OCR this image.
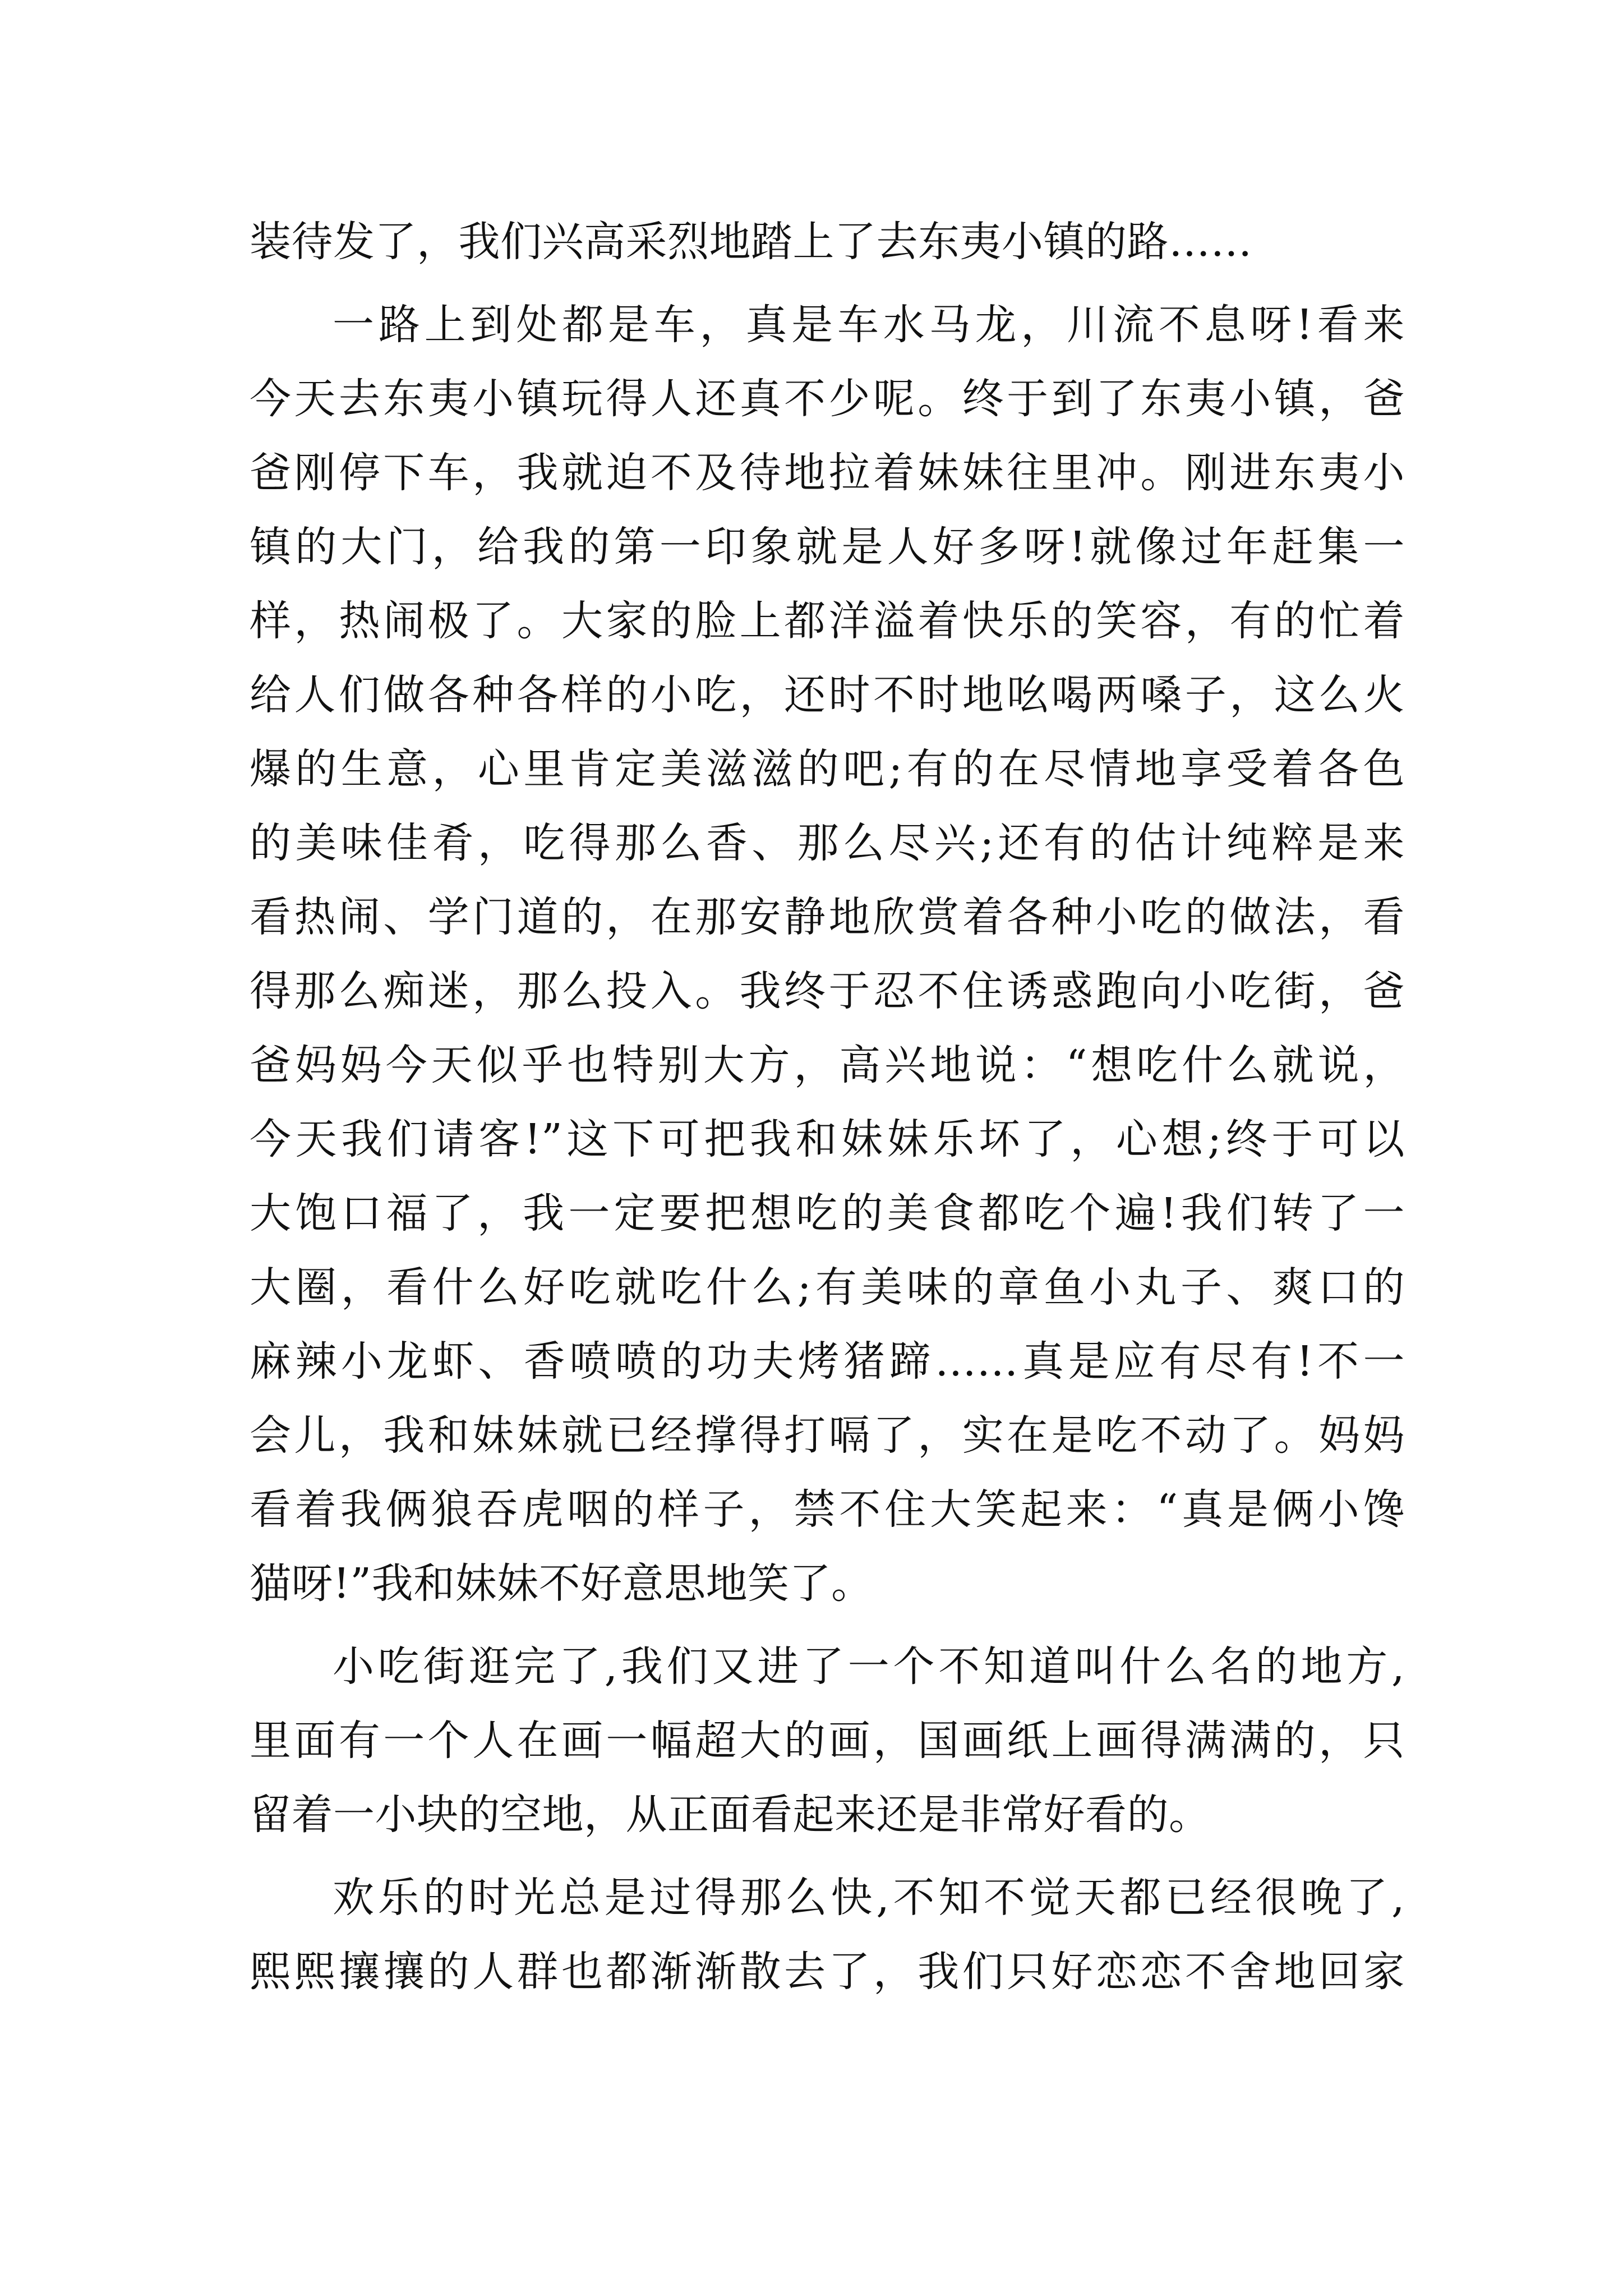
装待发了，我们兴高采烈地踏上了去东夷小镇的路……
一路上到处都是车，真是车水马龙，川流不息呀!看来
今天去东夷小镇玩得人还真不少呢。终于到了东夷小镇，爸
爸刚停下车，我就迫不及待地拉着妹妹往里冲。刚进东夷小
镇的大门，给我的第一印象就是人好多呀!就像过年赶集一
样，热闹极了。大家的脸上都洋溢着快乐的笑容，有的忙着
给人们做各种各样的小吃，还时不时地吆喝两嗓子，这么火
爆的生意，心里肯定美滋滋的吧;有的在尽情地享受着各色
的美味佳肴，吃得那么香、那么尽兴;还有的估计纯粹是来
看热闹、学门道的，在那安静地欣赏着各种小吃的做法，看
得那么痴迷，那么投入。我终于忍不住诱惑跑向小吃街，爸
爸妈妈今天似乎也特别大方，高兴地说：“想吃什么就说，
今天我们请客!”这下可把我和妹妹乐坏了，心想;终于可以
大饱口福了，我一定要把想吃的美食都吃个遍!我们转了一
大圈，看什么好吃就吃什么;有美味的章鱼小丸子、爽口的
麻辣小龙虾、香喷喷的功夫烤猪蹄……真是应有尽有!不一
会儿，我和妹妹就已经撑得打嗝了，实在是吃不动了。妈妈
看着我俩狼吞虎咽的样子，禁不住大笑起来：“真是俩小馋
猫呀!”我和妹妹不好意思地笑了。
小吃街逛完了,我们又进了一个不知道叫什么名的地方,
里面有一个人在画一幅超大的画，国画纸上画得满满的，只
留着一小块的空地，从正面看起来还是非常好看的。
欢乐的时光总是过得那么快,不知不觉天都已经很晚了,
熙熙攘攘的人群也都渐渐散去了，我们只好恋恋不舍地回家
